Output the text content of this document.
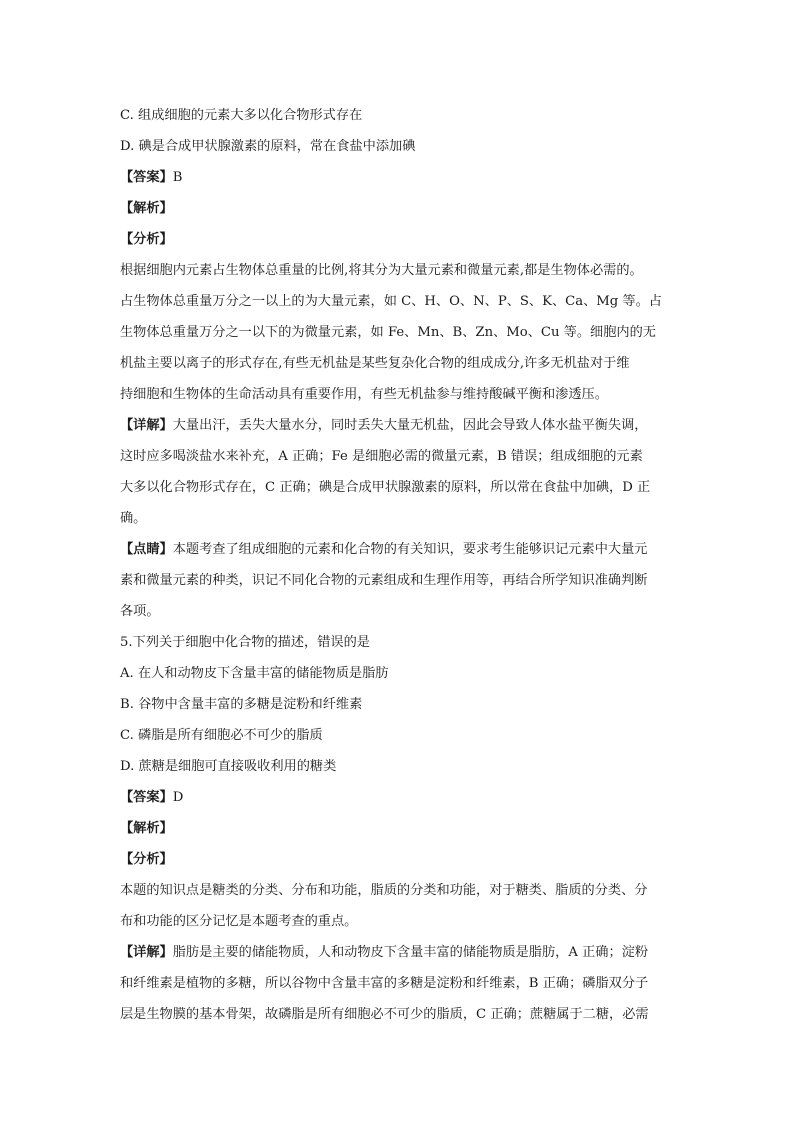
C. 组成细胞的元素大多以化合物形式存在
D. 碘是合成甲状腺激素的原料，常在食盐中添加碘
【答案】B
【解析】
【分析】
根据细胞内元素占生物体总重量的比例,将其分为大量元素和微量元素,都是生物体必需的。
占生物体总重量万分之一以上的为大量元素，如 C、H、O、N、P、S、K、Ca、Mg 等。占
生物体总重量万分之一以下的为微量元素，如 Fe、Mn、B、Zn、Mo、Cu 等。细胞内的无
机盐主要以离子的形式存在,有些无机盐是某些复杂化合物的组成成分,许多无机盐对于维
持细胞和生物体的生命活动具有重要作用，有些无机盐参与维持酸碱平衡和渗透压。
【详解】大量出汗，丢失大量水分，同时丢失大量无机盐，因此会导致人体水盐平衡失调，
这时应多喝淡盐水来补充，A 正确；Fe 是细胞必需的微量元素，B 错误；组成细胞的元素
大多以化合物形式存在，C 正确；碘是合成甲状腺激素的原料，所以常在食盐中加碘，D 正
确。
【点睛】本题考查了组成细胞的元素和化合物的有关知识，要求考生能够识记元素中大量元
素和微量元素的种类，识记不同化合物的元素组成和生理作用等，再结合所学知识准确判断
各项。
5.下列关于细胞中化合物的描述，错误的是
A. 在人和动物皮下含量丰富的储能物质是脂肪
B. 谷物中含量丰富的多糖是淀粉和纤维素
C. 磷脂是所有细胞必不可少的脂质
D. 蔗糖是细胞可直接吸收利用的糖类
【答案】D
【解析】
【分析】
本题的知识点是糖类的分类、分布和功能，脂质的分类和功能，对于糖类、脂质的分类、分
布和功能的区分记忆是本题考查的重点。
【详解】脂肪是主要的储能物质，人和动物皮下含量丰富的储能物质是脂肪，A 正确；淀粉
和纤维素是植物的多糖，所以谷物中含量丰富的多糖是淀粉和纤维素，B 正确；磷脂双分子
层是生物膜的基本骨架，故磷脂是所有细胞必不可少的脂质，C 正确；蔗糖属于二糖，必需
